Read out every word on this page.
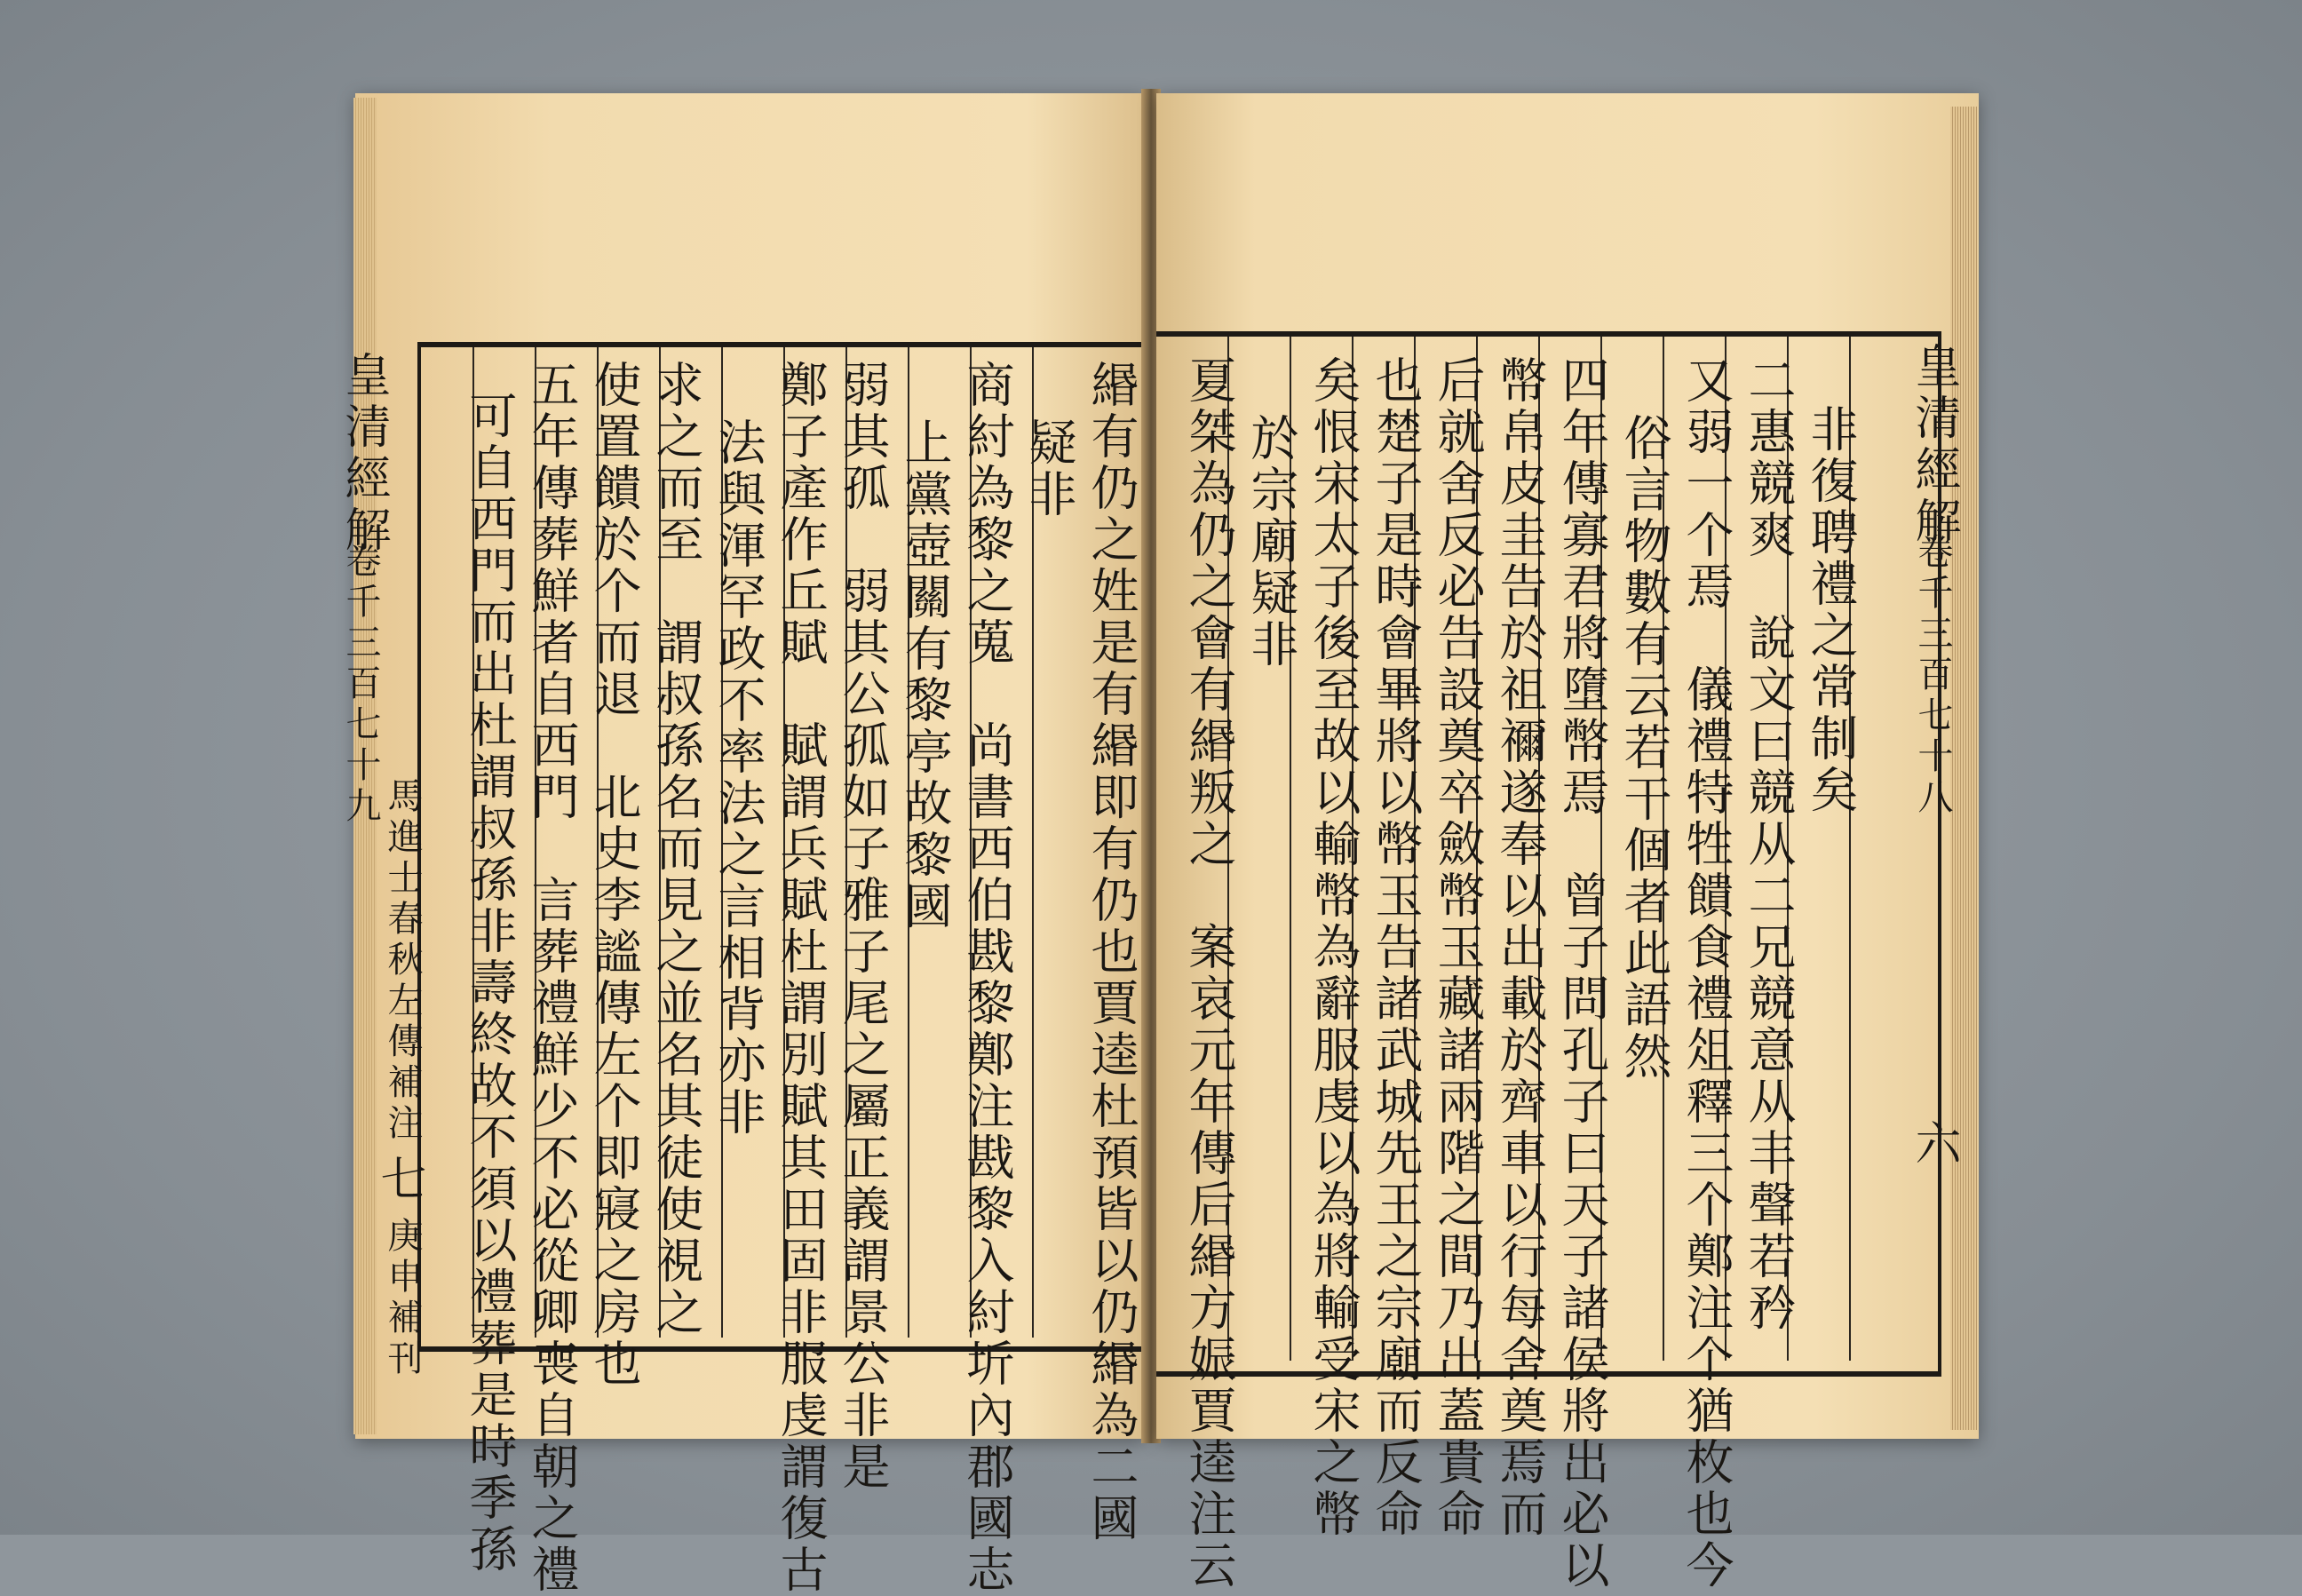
皇清經解
卷千三百七十九
馬進士春秋左傳補注
七
庚申補刊	緡有仍之姓是有緡即有仍也賈逵杜預皆以仍緡為二國
疑非
商紂為黎之蒐　尚書西伯戡黎鄭注戡黎入紂圻內郡國志
上黨壺關有黎亭故黎國
弱其孤　弱其公孤如子雅子尾之屬正義謂景公非是
鄭子產作丘賦　賦謂兵賦杜謂別賦其田固非服虔謂復古
法與渾罕政不率法之言相背亦非
求之而至　謂叔孫名而見之並名其徒使視之
使置饋於个而退　北史李謐傳左个即寢之房也
五年傳葬鮮者自西門　言葬禮鮮少不必從卿喪自朝之禮
可自西門而出杜謂叔孫非壽終故不須以禮葬是時季孫	皇清經解
卷千三百七十八
六
非復聘禮之常制矣
二惠競爽　說文曰競从二兄競意从丰聲若矜
又弱一个焉　儀禮特牲饋食禮俎釋三个鄭注个猶枚也今
俗言物數有云若干個者此語然
四年傳寡君將墮幣焉　曾子問孔子曰天子諸侯將出必以
幣帛皮圭告於祖禰遂奉以出載於齊車以行每舍奠焉而
后就舍反必告設奠卒斂幣玉藏諸兩階之間乃出蓋貴命
也楚子是時會畢將以幣玉告諸武城先王之宗廟而反命
矣恨宋太子後至故以輸幣為辭服虔以為將輸受宋之幣
於宗廟疑非
夏桀為仍之會有緡叛之　案哀元年傳后緡方娠賈逵注云
